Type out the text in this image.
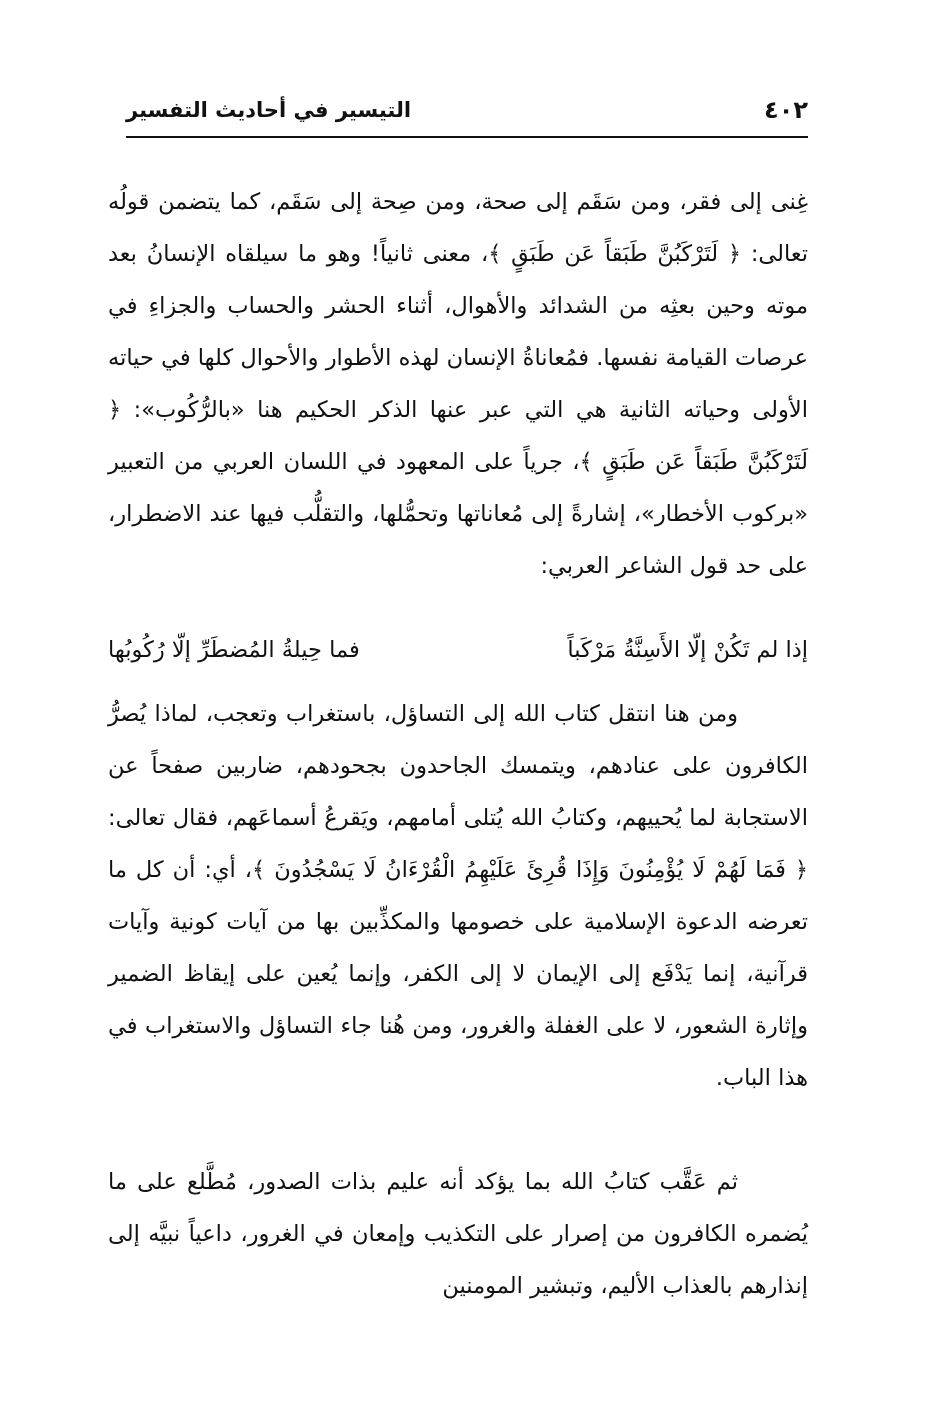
٤٠٢
التيسير في أحاديث التفسير
غِنى إلى فقر، ومن سَقَم إلى صحة، ومن صِحة إلى سَقَم، كما يتضمن قولُه تعالى: ﴿ لَتَرْكَبُنَّ طَبَقاً عَن طَبَقٍ ﴾، معنى ثانياً! وهو ما سيلقاه الإنسانُ بعد موته وحين بعثِه من الشدائد والأهوال، أثناء الحشر والحساب والجزاءِ في عرصات القيامة نفسها. فمُعاناةُ الإنسان لهذه الأطوار والأحوال كلها في حياته الأولى وحياته الثانية هي التي عبر عنها الذكر الحكيم هنا «بالرُّكُوب»: ﴿ لَتَرْكَبُنَّ طَبَقاً عَن طَبَقٍ ﴾، جرياً على المعهود في اللسان العربي من التعبير «بركوب الأخطار»، إشارةً إلى مُعاناتها وتحمُّلها، والتقلُّب فيها عند الاضطرار، على حد قول الشاعر العربي:
إذا لم تَكُنْ إلّا الأَسِنَّةُ مَرْكَباً
فما حِيلةُ المُضطَرِّ إلّا رُكُوبُها
ومن هنا انتقل كتاب الله إلى التساؤل، باستغراب وتعجب، لماذا يُصرُّ الكافرون على عنادهم، ويتمسك الجاحدون بجحودهم، ضاربين صفحاً عن الاستجابة لما يُحييهم، وكتابُ الله يُتلى أمامهم، ويَقرعُ أسماعَهم، فقال تعالى: ﴿ فَمَا لَهُمْ لَا يُؤْمِنُونَ وَإِذَا قُرِئَ عَلَيْهِمُ الْقُرْءَانُ لَا يَسْجُدُونَ ﴾، أي: أن كل ما تعرضه الدعوة الإسلامية على خصومها والمكذِّبين بها من آيات كونية وآيات قرآنية، إنما يَدْفَع إلى الإيمان لا إلى الكفر، وإنما يُعين على إيقاظ الضمير وإثارة الشعور، لا على الغفلة والغرور، ومن هُنا جاء التساؤل والاستغراب في هذا الباب.
ثم عَقَّب كتابُ الله بما يؤكد أنه عليم بذات الصدور، مُطَّلع على ما يُضمره الكافرون من إصرار على التكذيب وإمعان في الغرور، داعياً نبيَّه إلى إنذارهم بالعذاب الأليم، وتبشير المومنين
